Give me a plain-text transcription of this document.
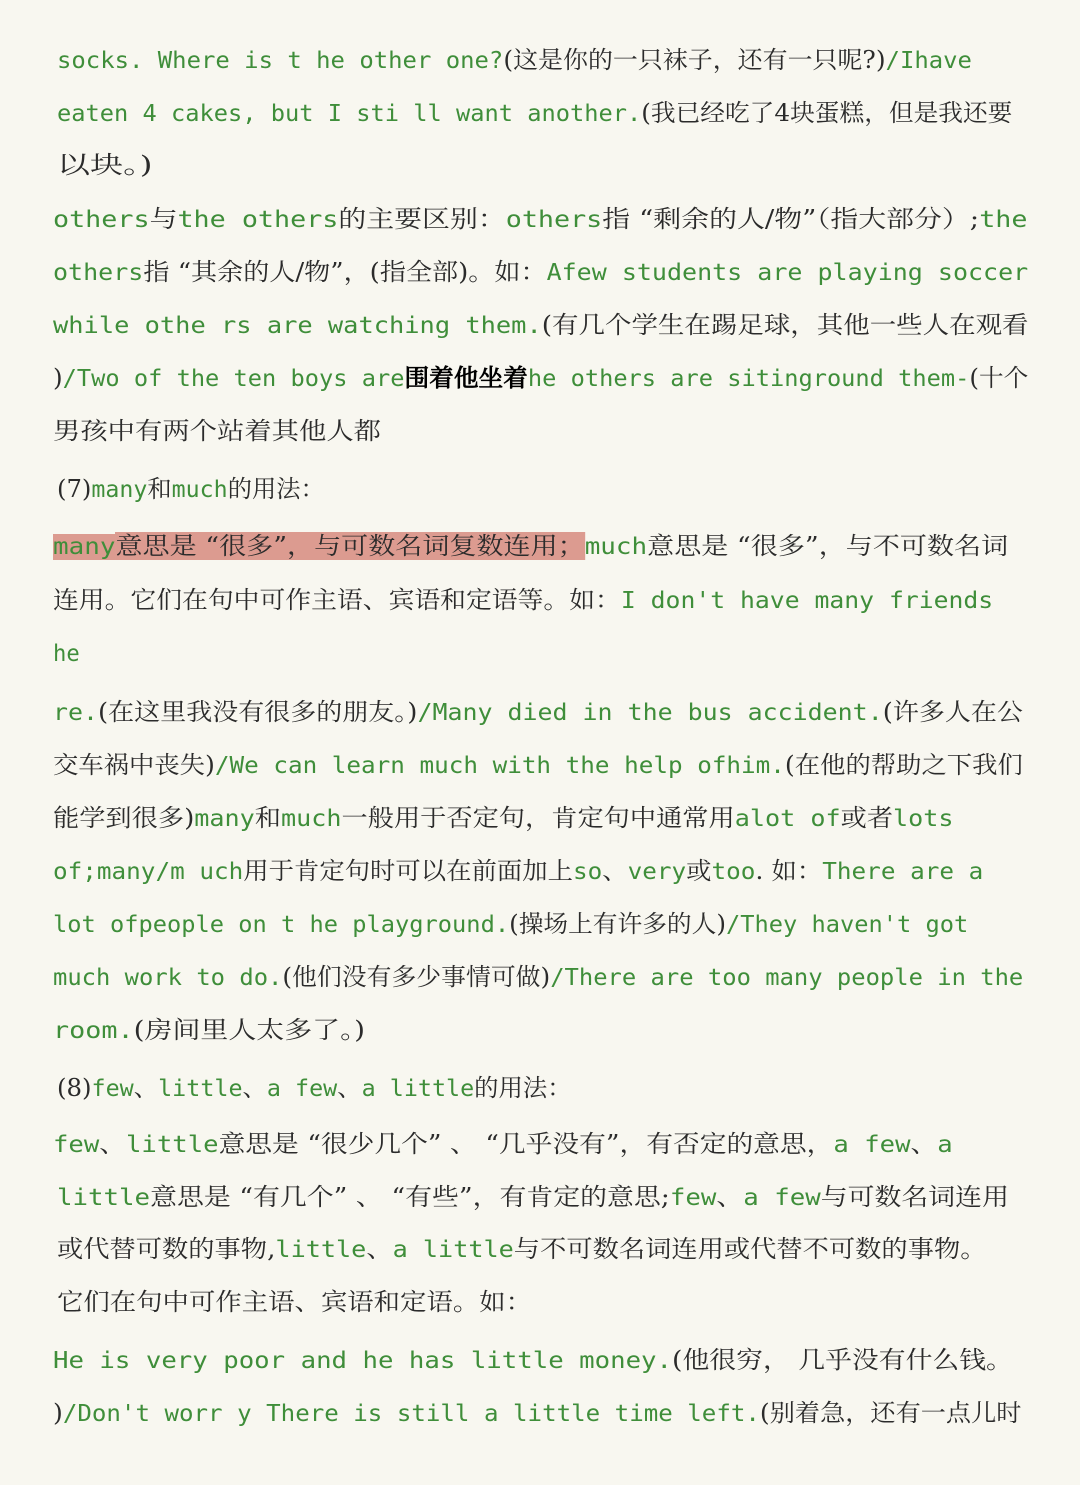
socks. Where is t he other one?(这是你的一只袜子，还有一只呢?)/Ihave
eaten 4 cakes, but I sti ll want another.(我已经吃了4块蛋糕，但是我还要
以块。)
others与the others的主要区别：others指 “剩余的人/物”（指大部分）;the
others指 “其余的人/物”，(指全部)。如：Afew students are playing soccer
while othe rs are watching them.(有几个学生在踢足球，其他一些人在观看
)/Two of the ten boys are围着他坐着he others are sitinground them-(十个
男孩中有两个站着其他人都
(7)many和much的用法：
many意思是 “很多”，与可数名词复数连用；much意思是 “很多”，与不可数名词
连用。它们在句中可作主语、宾语和定语等。如：I don't have many friends
he
re.(在这里我没有很多的朋友。)/Many died in the bus accident.(许多人在公
交车祸中丧失)/We can learn much with the help ofhim.(在他的帮助之下我们
能学到很多)many和much一般用于否定句，肯定句中通常用alot of或者lots
of;many/m uch用于肯定句时可以在前面加上so、very或too. 如：There are a
lot ofpeople on t he playground.(操场上有许多的人)/They haven't got
much work to do.(他们没有多少事情可做)/There are too many people in the
room.(房间里人太多了。)
(8)few、little、a few、a little的用法：
few、little意思是 “很少几个” 、 “几乎没有”，有否定的意思，a few、a
little意思是 “有几个” 、 “有些”，有肯定的意思;few、a few与可数名词连用
或代替可数的事物,little、a little与不可数名词连用或代替不可数的事物。
它们在句中可作主语、宾语和定语。如：
He is very poor and he has little money.(他很穷， 几乎没有什么钱。
)/Don't worr y There is still a little time left.(别着急，还有一点儿时
